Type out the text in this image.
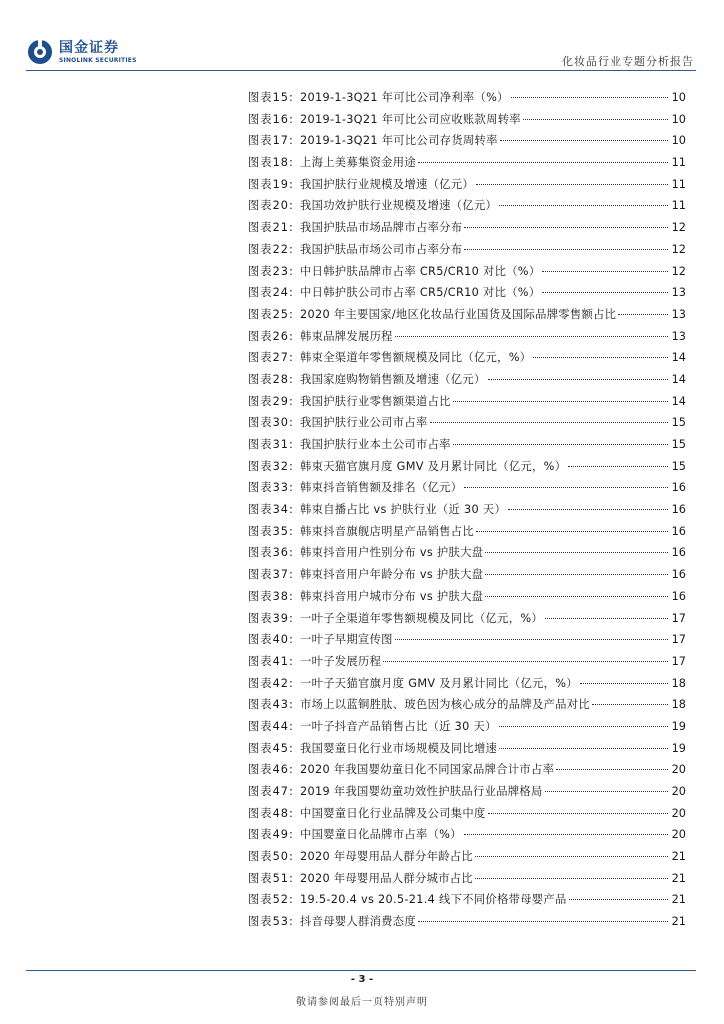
国金证券
SINOLINK SECURITIES	化妆品行业专题分析报告
图表15: 2019-1-3Q21 年可比公司净利率（%）	10
图表16: 2019-1-3Q21 年可比公司应收账款周转率	10
图表17: 2019-1-3Q21 年可比公司存货周转率	10
图表18: 上海上美募集资金用途	11
图表19: 我国护肤行业规模及增速（亿元）	11
图表20: 我国功效护肤行业规模及增速（亿元）	11
图表21: 我国护肤品市场品牌市占率分布	12
图表22: 我国护肤品市场公司市占率分布	12
图表23: 中日韩护肤品牌市占率 CR5/CR10 对比（%）	12
图表24: 中日韩护肤公司市占率 CR5/CR10 对比（%）	13
图表25: 2020 年主要国家/地区化妆品行业国货及国际品牌零售额占比	13
图表26: 韩束品牌发展历程	13
图表27: 韩束全渠道年零售额规模及同比（亿元，%）	14
图表28: 我国家庭购物销售额及增速（亿元）	14
图表29: 我国护肤行业零售额渠道占比	14
图表30: 我国护肤行业公司市占率	15
图表31: 我国护肤行业本土公司市占率	15
图表32: 韩束天猫官旗月度 GMV 及月累计同比（亿元，%）	15
图表33: 韩束抖音销售额及排名（亿元）	16
图表34: 韩束自播占比 vs 护肤行业（近 30 天）	16
图表35: 韩束抖音旗舰店明星产品销售占比	16
图表36: 韩束抖音用户性别分布 vs 护肤大盘	16
图表37: 韩束抖音用户年龄分布 vs 护肤大盘	16
图表38: 韩束抖音用户城市分布 vs 护肤大盘	16
图表39: 一叶子全渠道年零售额规模及同比（亿元，%）	17
图表40: 一叶子早期宣传图	17
图表41: 一叶子发展历程	17
图表42: 一叶子天猫官旗月度 GMV 及月累计同比（亿元，%）	18
图表43: 市场上以蓝铜胜肽、玻色因为核心成分的品牌及产品对比	18
图表44: 一叶子抖音产品销售占比（近 30 天）	19
图表45: 我国婴童日化行业市场规模及同比增速	19
图表46: 2020 年我国婴幼童日化不同国家品牌合计市占率	20
图表47: 2019 年我国婴幼童功效性护肤品行业品牌格局	20
图表48: 中国婴童日化行业品牌及公司集中度	20
图表49: 中国婴童日化品牌市占率（%）	20
图表50: 2020 年母婴用品人群分年龄占比	21
图表51: 2020 年母婴用品人群分城市占比	21
图表52: 19.5-20.4 vs 20.5-21.4 线下不同价格带母婴产品	21
图表53: 抖音母婴人群消费态度	21
- 3 -
敬请参阅最后一页特别声明
